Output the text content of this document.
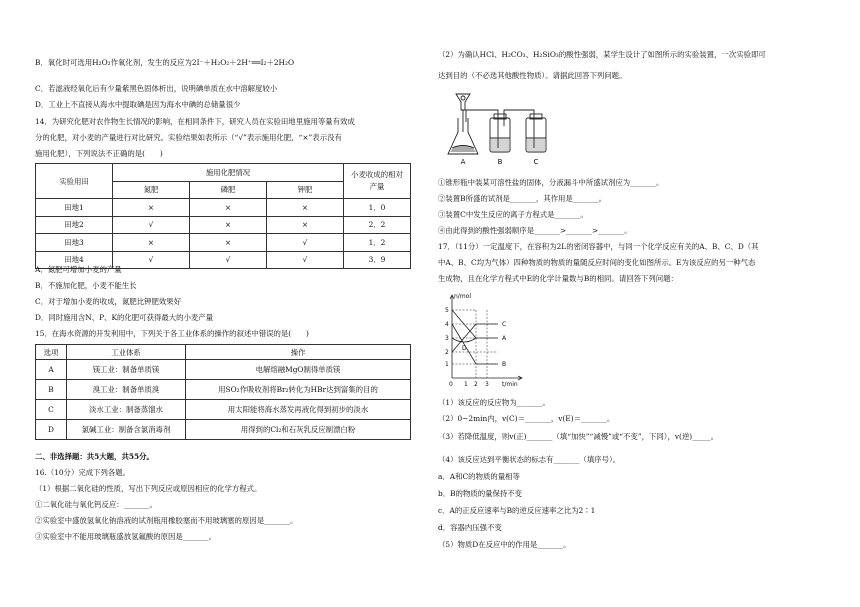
B．氧化时可选用H₂O₂作氧化剂，发生的反应为2I⁻＋H₂O₂＋2H⁺══I₂＋2H₂O
C．若滤液经氧化后有少量紫黑色固体析出，说明碘单质在水中溶解度较小
D．工业上不直接从海水中提取碘是因为海水中碘的总储量很少
14．为研究化肥对农作物生长情况的影响，在相同条件下，研究人员在实验田地里施用等量有效成
分的化肥，对小麦的产量进行对比研究。实验结果如表所示（“√”表示施用化肥，“×”表示没有
施用化肥），下列说法不正确的是(　　)
实验用田	施用化肥情况			小麦收成的相对
产量
	氮肥	磷肥	钾肥	
田地1	×	×	×	1．0
田地2	√	×	×	2．2
田地3	×	×	√	1．2
田地4	√	√	√	3．9
A．氮肥可增加小麦的产量
B．不施加化肥，小麦不能生长
C．对于增加小麦的收成，氮肥比钾肥效果好
D．同时施用含N、P、K的化肥可获得最大的小麦产量
15．在海水资源的开发利用中，下列关于各工业体系的操作的叙述中错误的是(　　)
选项	工业体系	操作
A	镁工业：制备单质镁	电解熔融MgO制得单质镁
B	溴工业：制备单质溴	用SO₂作吸收剂将Br₂转化为HBr达到富集的目的
C	淡水工业：制备蒸馏水	用太阳能将海水蒸发再液化得到初步的淡水
D	氯碱工业：制备含氯消毒剂	用得到的Cl₂和石灰乳反应制漂白粉
二、非选择题：共5大题，共55分。
16.（10分）完成下列各题。
（1）根据二氧化硅的性质，写出下列反应或原因相应的化学方程式。
①二氧化硅与氧化钙反应：_______。
②实验室中盛放氢氧化钠溶液的试剂瓶用橡胶塞而不用玻璃塞的原因是_______。
③实验室中不能用玻璃瓶盛放氢氟酸的原因是_______。
（2）为确认HCl、H₂CO₃、H₂SiO₃的酸性强弱，某学生设计了如图所示的实验装置，一次实验即可
达到目的（不必选其他酸性物质）。请据此回答下列问题。
A	B	C
①锥形瓶中装某可溶性盐的固体，分液漏斗中所盛试剂应为_______。
②装置B所盛的试剂是_______，其作用是_______。
③装置C中发生反应的离子方程式是_______。
④由此得到的酸性强弱顺序是_______>_______>_______。
17．（11分）一定温度下，在容积为2L的密闭容器中，与同一个化学反应有关的A、B、C、D（其
中A、B、C均为气体）四种物质的物质的量随反应时间的变化如图所示。E为该反应的另一种气态
生成物，且在化学方程式中E的化学计量数与B的相同。请回答下列问题：
n/mol
t/min
1
2
3
4
5
0 1 2 3
A
B
C
D
（1）该反应的反应物为_______。
（2）0~2min内，v(C)＝_______，v(E)＝_______。
（3）若降低温度，则v(正)_______（填“加快”“减慢”或“不变”，下同），v(逆)_____。
（4）该反应达到平衡状态的标志有_______（填序号）。
a．A和C的物质的量相等
b．B的物质的量保持不变
c．A的正反应速率与B的逆反应速率之比为2∶1
d．容器内压强不变
（5）物质D在反应中的作用是_______。
